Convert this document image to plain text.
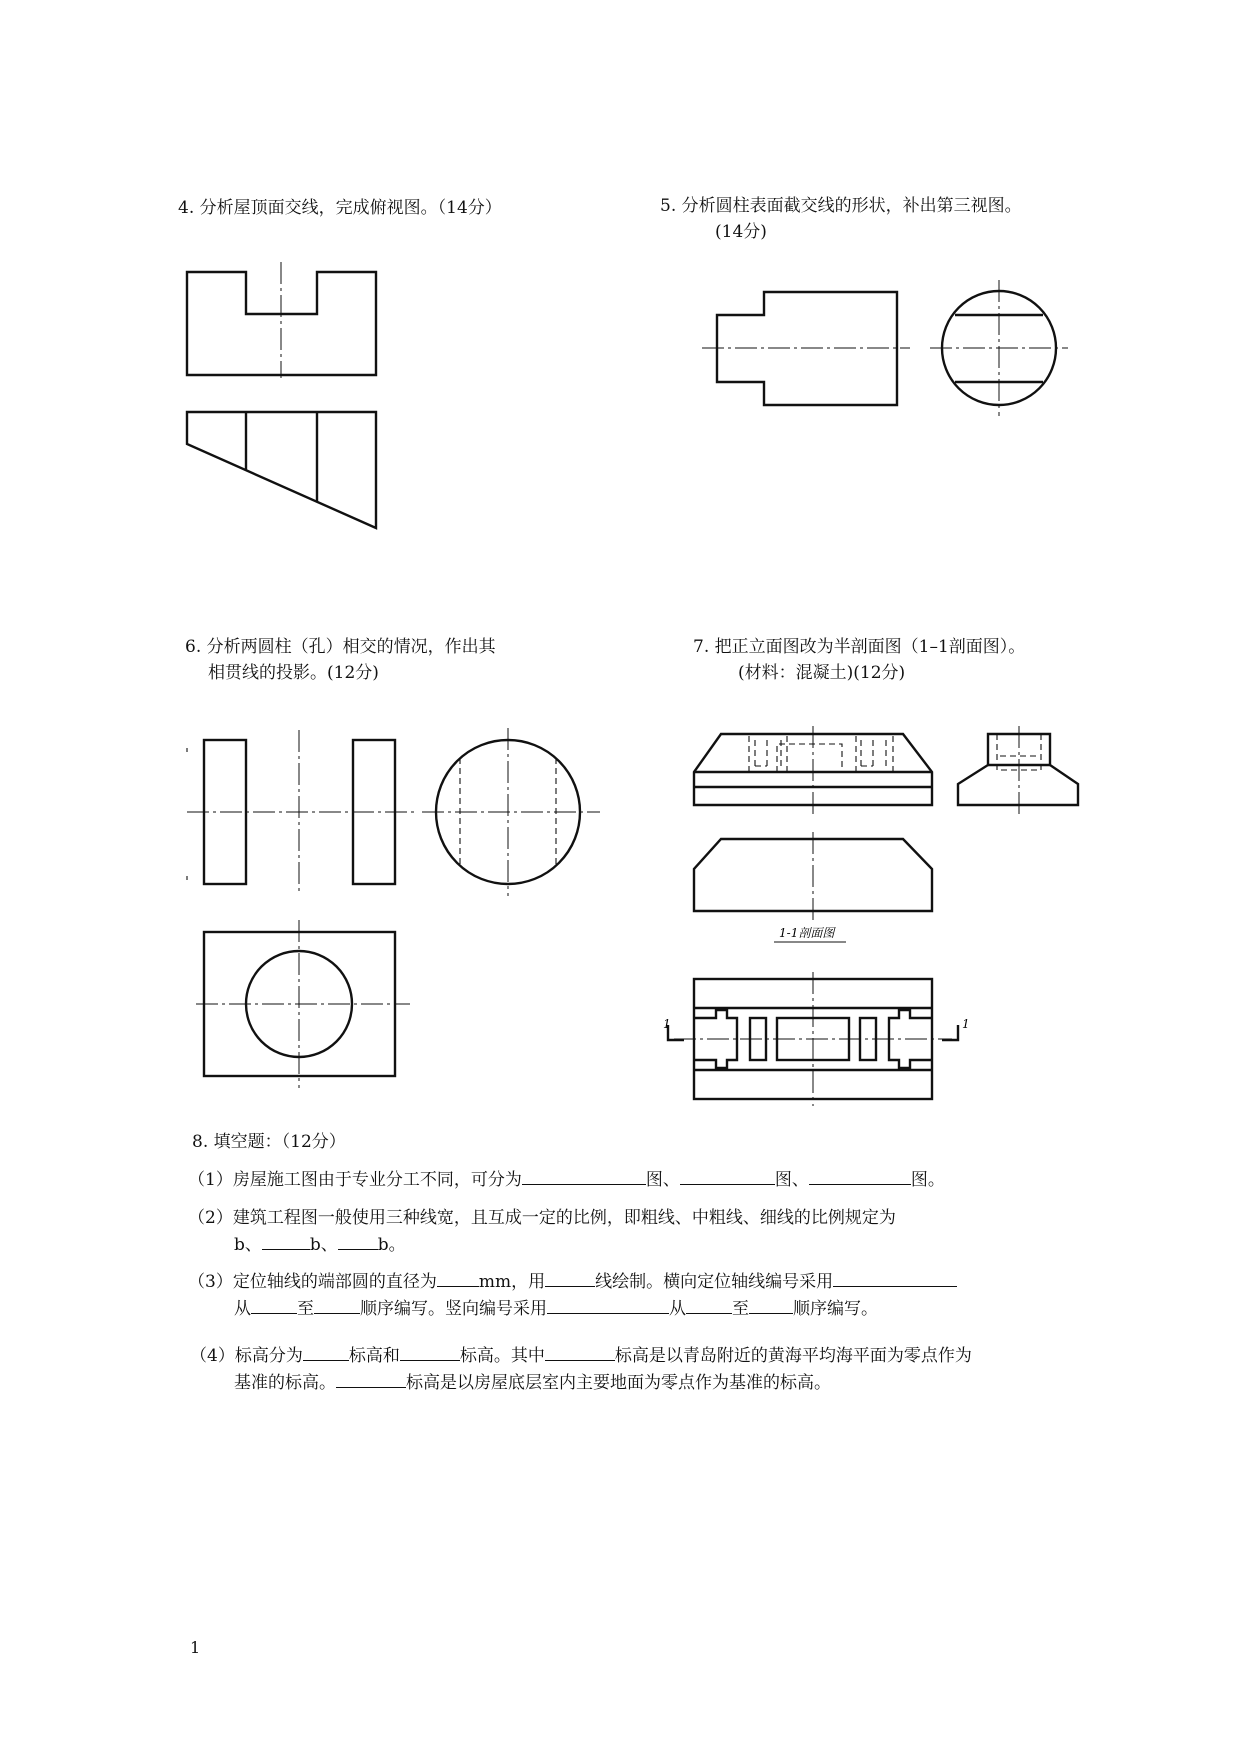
4. 分析屋顶面交线，完成俯视图。（14分）	5. 分析圆柱表面截交线的形状，补出第三视图。
(14分)
6. 分析两圆柱（孔）相交的情况，作出其
相贯线的投影。(12分)
7. 把正立面图改为半剖面图（1–1剖面图）。
(材料：混凝土)(12分)
1-1剖面图
1	1
8. 填空题：（12分）
（1）房屋施工图由于专业分工不同，可分为	图、	图、	图。
（2）建筑工程图一般使用三种线宽，且互成一定的比例，即粗线、中粗线、细线的比例规定为
b、	b、 b。
（3）定位轴线的端部圆的直径为 mm，用	线绘制。横向定位轴线编号采用
从	至	顺序编写。竖向编号采用	从	至	顺序编写。
（4）标高分为	标高和	标高。其中	标高是以青岛附近的黄海平均海平面为零点作为
基准的标高。	标高是以房屋底层室内主要地面为零点作为基准的标高。
1
